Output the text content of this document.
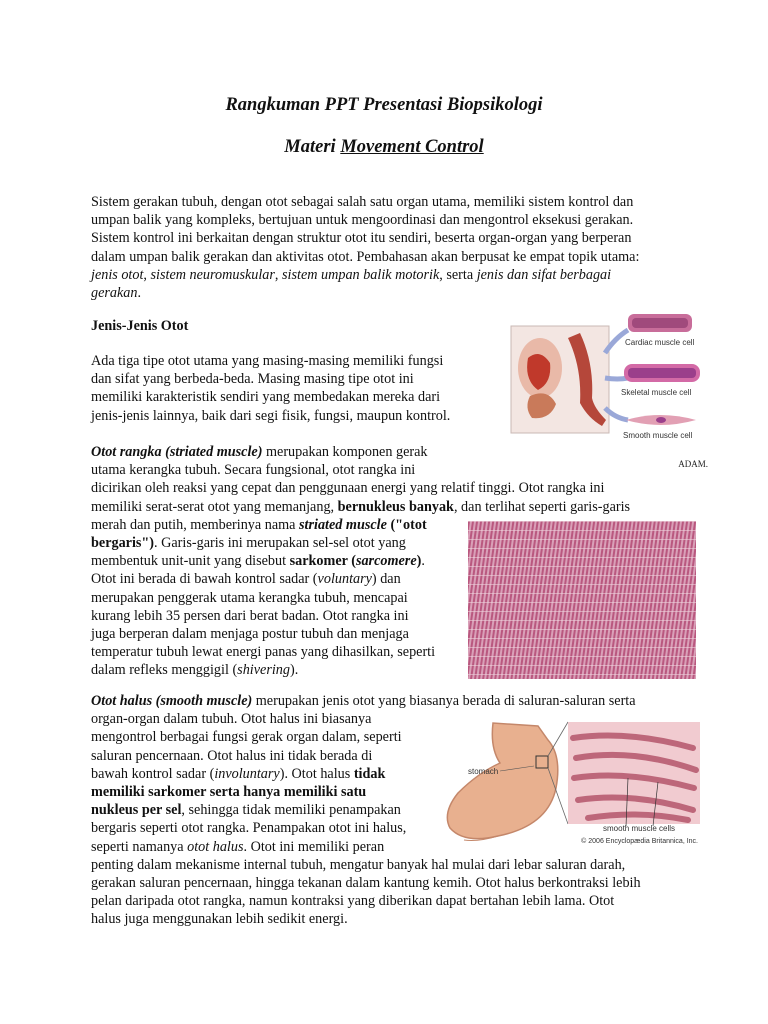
Rangkuman PPT Presentasi Biopsikologi
Materi Movement Control
Sistem gerakan tubuh, dengan otot sebagai salah satu organ utama, memiliki sistem kontrol dan
umpan balik yang kompleks, bertujuan untuk mengoordinasi dan mengontrol eksekusi gerakan.
Sistem kontrol ini berkaitan dengan struktur otot itu sendiri, beserta organ-organ yang berperan
dalam umpan balik gerakan dan aktivitas otot. Pembahasan akan berpusat ke empat topik utama:
jenis otot, sistem neuromuskular, sistem umpan balik motorik, serta jenis dan sifat berbagai
gerakan.
Jenis-Jenis Otot
Ada tiga tipe otot utama yang masing-masing memiliki fungsi
dan sifat yang berbeda-beda. Masing masing tipe otot ini
memiliki karakteristik sendiri yang membedakan mereka dari
jenis-jenis lainnya, baik dari segi fisik, fungsi, maupun kontrol.
Otot rangka (striated muscle) merupakan komponen gerak
utama kerangka tubuh. Secara fungsional, otot rangka ini
dicirikan oleh reaksi yang cepat dan penggunaan energi yang relatif tinggi. Otot rangka ini
memiliki serat-serat otot yang memanjang, bernukleus banyak, dan terlihat seperti garis-garis
merah dan putih, memberinya nama striated muscle ("otot
bergaris"). Garis-garis ini merupakan sel-sel otot yang
membentuk unit-unit yang disebut sarkomer (sarcomere).
Otot ini berada di bawah kontrol sadar (voluntary) dan
merupakan penggerak utama kerangka tubuh, mencapai
kurang lebih 35 persen dari berat badan. Otot rangka ini
juga berperan dalam menjaga postur tubuh dan menjaga
temperatur tubuh lewat energi panas yang dihasilkan, seperti
dalam refleks menggigil (shivering).
Otot halus (smooth muscle) merupakan jenis otot yang biasanya berada di saluran-saluran serta
organ-organ dalam tubuh. Otot halus ini biasanya
mengontrol berbagai fungsi gerak organ dalam, seperti
saluran pencernaan. Otot halus ini tidak berada di
bawah kontrol sadar (involuntary). Otot halus tidak
memiliki sarkomer serta hanya memiliki satu
nukleus per sel, sehingga tidak memiliki penampakan
bergaris seperti otot rangka. Penampakan otot ini halus,
seperti namanya otot halus. Otot ini memiliki peran
penting dalam mekanisme internal tubuh, mengatur banyak hal mulai dari lebar saluran darah,
gerakan saluran pencernaan, hingga tekanan dalam kantung kemih. Otot halus berkontraksi lebih
pelan daripada otot rangka, namun kontraksi yang diberikan dapat bertahan lebih lama. Otot
halus juga menggunakan lebih sedikit energi.
Cardiac muscle cell
Skeletal muscle cell
Smooth muscle cell
ADAM.
stomach
smooth muscle cells
© 2006 Encyclopædia Britannica, Inc.
